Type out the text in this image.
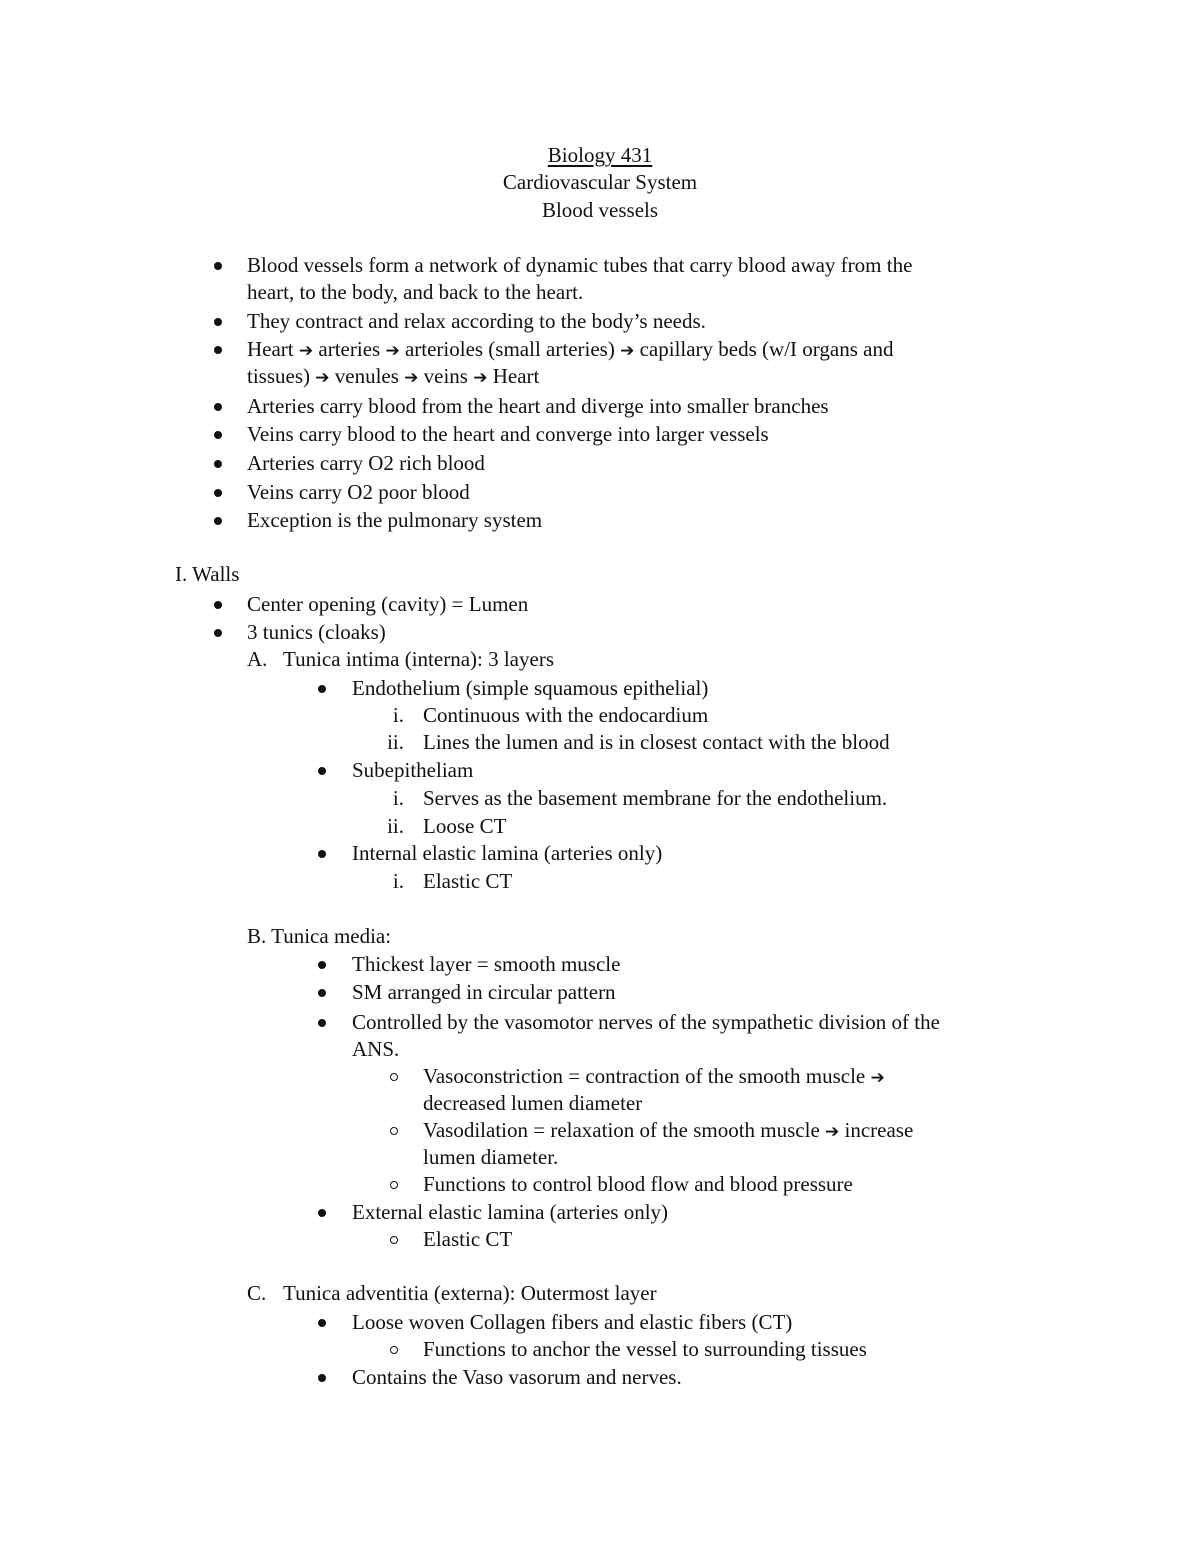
Biology 431
Cardiovascular System
Blood vessels
Blood vessels form a network of dynamic tubes that carry blood away from the
heart, to the body, and back to the heart.
They contract and relax according to the body’s needs.
Heart ➔ arteries ➔ arterioles (small arteries) ➔ capillary beds (w/I organs and
tissues) ➔ venules ➔ veins ➔ Heart
Arteries carry blood from the heart and diverge into smaller branches
Veins carry blood to the heart and converge into larger vessels
Arteries carry O2 rich blood
Veins carry O2 poor blood
Exception is the pulmonary system
I. Walls
Center opening (cavity) = Lumen
3 tunics (cloaks)
A. Tunica intima (interna): 3 layers
Endothelium (simple squamous epithelial)
i. Continuous with the endocardium
ii. Lines the lumen and is in closest contact with the blood
Subepitheliam
i. Serves as the basement membrane for the endothelium.
ii. Loose CT
Internal elastic lamina (arteries only)
i. Elastic CT
B. Tunica media:
Thickest layer = smooth muscle
SM arranged in circular pattern
Controlled by the vasomotor nerves of the sympathetic division of the
ANS.
Vasoconstriction = contraction of the smooth muscle ➔
decreased lumen diameter
Vasodilation = relaxation of the smooth muscle ➔ increase
lumen diameter.
Functions to control blood flow and blood pressure
External elastic lamina (arteries only)
Elastic CT
C. Tunica adventitia (externa): Outermost layer
Loose woven Collagen fibers and elastic fibers (CT)
Functions to anchor the vessel to surrounding tissues
Contains the Vaso vasorum and nerves.
